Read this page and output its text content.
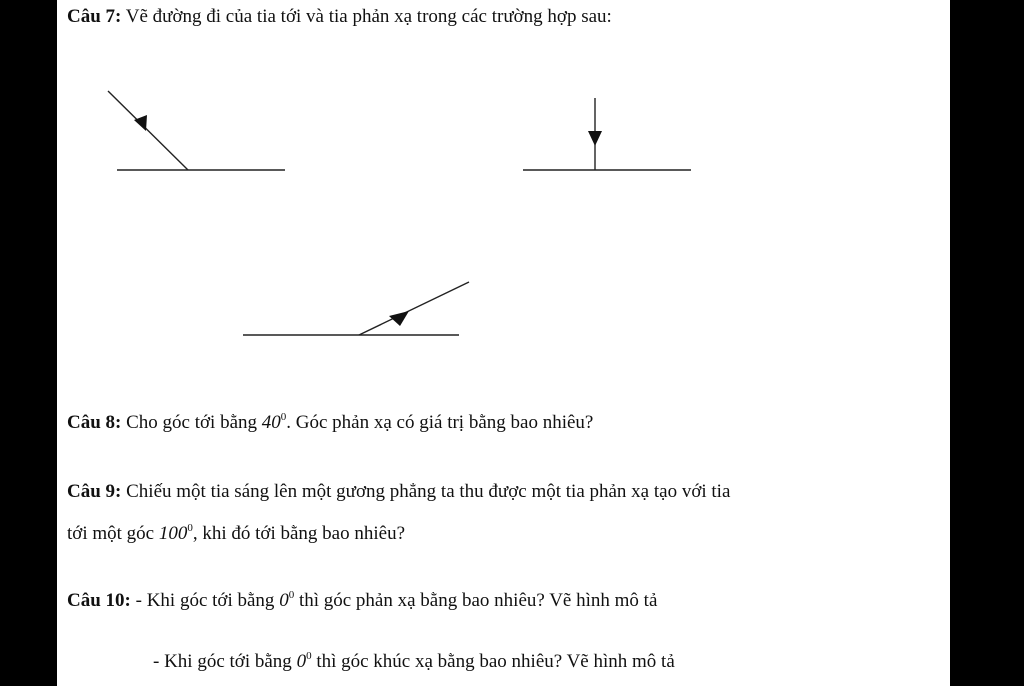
Câu 7: Vẽ đường đi của tia tới và tia phản xạ trong các trường hợp sau:
Câu 8: Cho góc tới bằng $40^0$. Góc phản xạ có giá trị bằng bao nhiêu?
Câu 9: Chiếu một tia sáng lên một gương phẳng ta thu được một tia phản xạ tạo với tia
tới một góc $100^0$, khi đó tới bằng bao nhiêu?
Câu 10: - Khi góc tới bằng $0^0$ thì góc phản xạ bằng bao nhiêu? Vẽ hình mô tả
- Khi góc tới bằng $0^0$ thì góc khúc xạ bằng bao nhiêu? Vẽ hình mô tả
